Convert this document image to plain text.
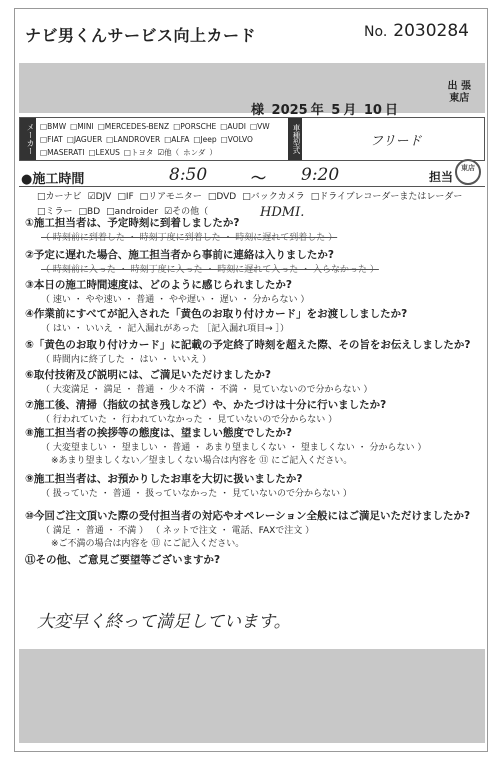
ナビ男くんサービス向上カード	No. 2030284
出 張
東店
様 2025 年 5 月 10 日
メーカー □BMW □MINI □MERCEDES-BENZ □PORSCHE □AUDI □VW□FIAT □JAGUER □LANDROVER □ALFA □Jeep □VOLVO□MASERATI □LEXUS □トヨタ ☑他（ ホンダ ）	車種型式	フリード
●施工時間	8:50	〜 9:20	担当
東店
□カーナビ ☑DJV □IF □リアモニター □DVD □バックカメラ □ドライブレコーダーまたはレーダー□ミラー □BD □androider ☑その他（	HDMI.
①施工担当者は、予定時刻に到着しましたか?
（ 時刻前に到着した ・ 時刻丁度に到着した ・ 時刻に遅れて到着した ）
②予定に遅れた場合、施工担当者から事前に連絡は入りましたか?
（ 時刻前に入った ・ 時刻丁度に入った ・ 時刻に遅れて入った ・ 入らなかった ）
③本日の施工時間速度は、どのように感じられましたか?
（ 速い ・ やや速い ・ 普通 ・ やや遅い ・ 遅い ・ 分からない ）
④作業前にすべてが記入された「黄色のお取り付けカード」をお渡ししましたか?
（ はい ・ いいえ ・ 記入漏れがあった ［記入漏れ項目→ ］）
⑤「黄色のお取り付けカード」に記載の予定終了時刻を超えた際、その旨をお伝えしましたか?
（ 時間内に終了した ・ はい ・ いいえ ）
⑥取付技術及び説明には、ご満足いただけましたか?
（ 大変満足 ・ 満足 ・ 普通 ・ 少々不満 ・ 不満 ・ 見ていないので分からない ）
⑦施工後、清掃（指紋の拭き残しなど）や、かたづけは十分に行いましたか?
（ 行われていた ・ 行われていなかった ・ 見ていないので分からない ）
⑧施工担当者の挨拶等の態度は、望ましい態度でしたか?
（ 大変望ましい ・ 望ましい ・ 普通 ・ あまり望ましくない ・ 望ましくない ・ 分からない ）
※あまり望ましくない／望ましくない場合は内容を ⑪ にご記入ください。
⑨施工担当者は、お預かりしたお車を大切に扱いましたか?
（ 扱っていた ・ 普通 ・ 扱っていなかった ・ 見ていないので分からない ）
⑩今回ご注文頂いた際の受付担当者の対応やオペレーション全般にはご満足いただけましたか?
（ 満足 ・ 普通 ・ 不満 ） （ ネットで注文 ・ 電話、FAXで注文 ）
※ご不満の場合は内容を ⑪ にご記入ください。
⑪その他、ご意見ご要望等ございますか?
大変早く終って満足しています。
